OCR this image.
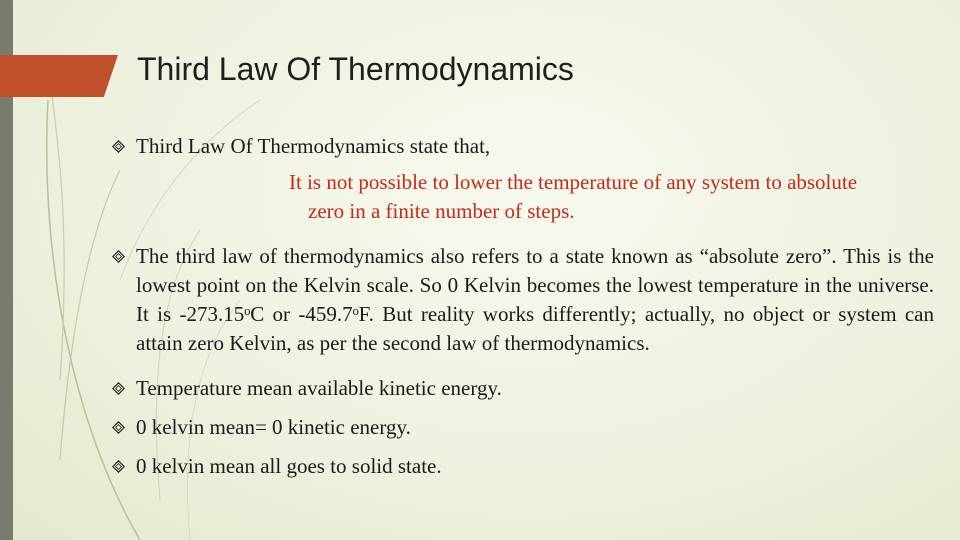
Third Law Of Thermodynamics
Third Law Of Thermodynamics state that,
It is not possible to lower the temperature of any system to absolute
zero in a finite number of steps.
The third law of thermodynamics also refers to a state known as “absolute zero”. This is the lowest point on the Kelvin scale. So 0 Kelvin becomes the lowest temperature in the universe. It is -273.15ᵒC or -459.7ᵒF. But reality works differently; actually, no object or system can attain zero Kelvin, as per the second law of thermodynamics.
Temperature mean available kinetic energy.
0 kelvin mean= 0 kinetic energy.
0 kelvin mean all goes to solid state.
